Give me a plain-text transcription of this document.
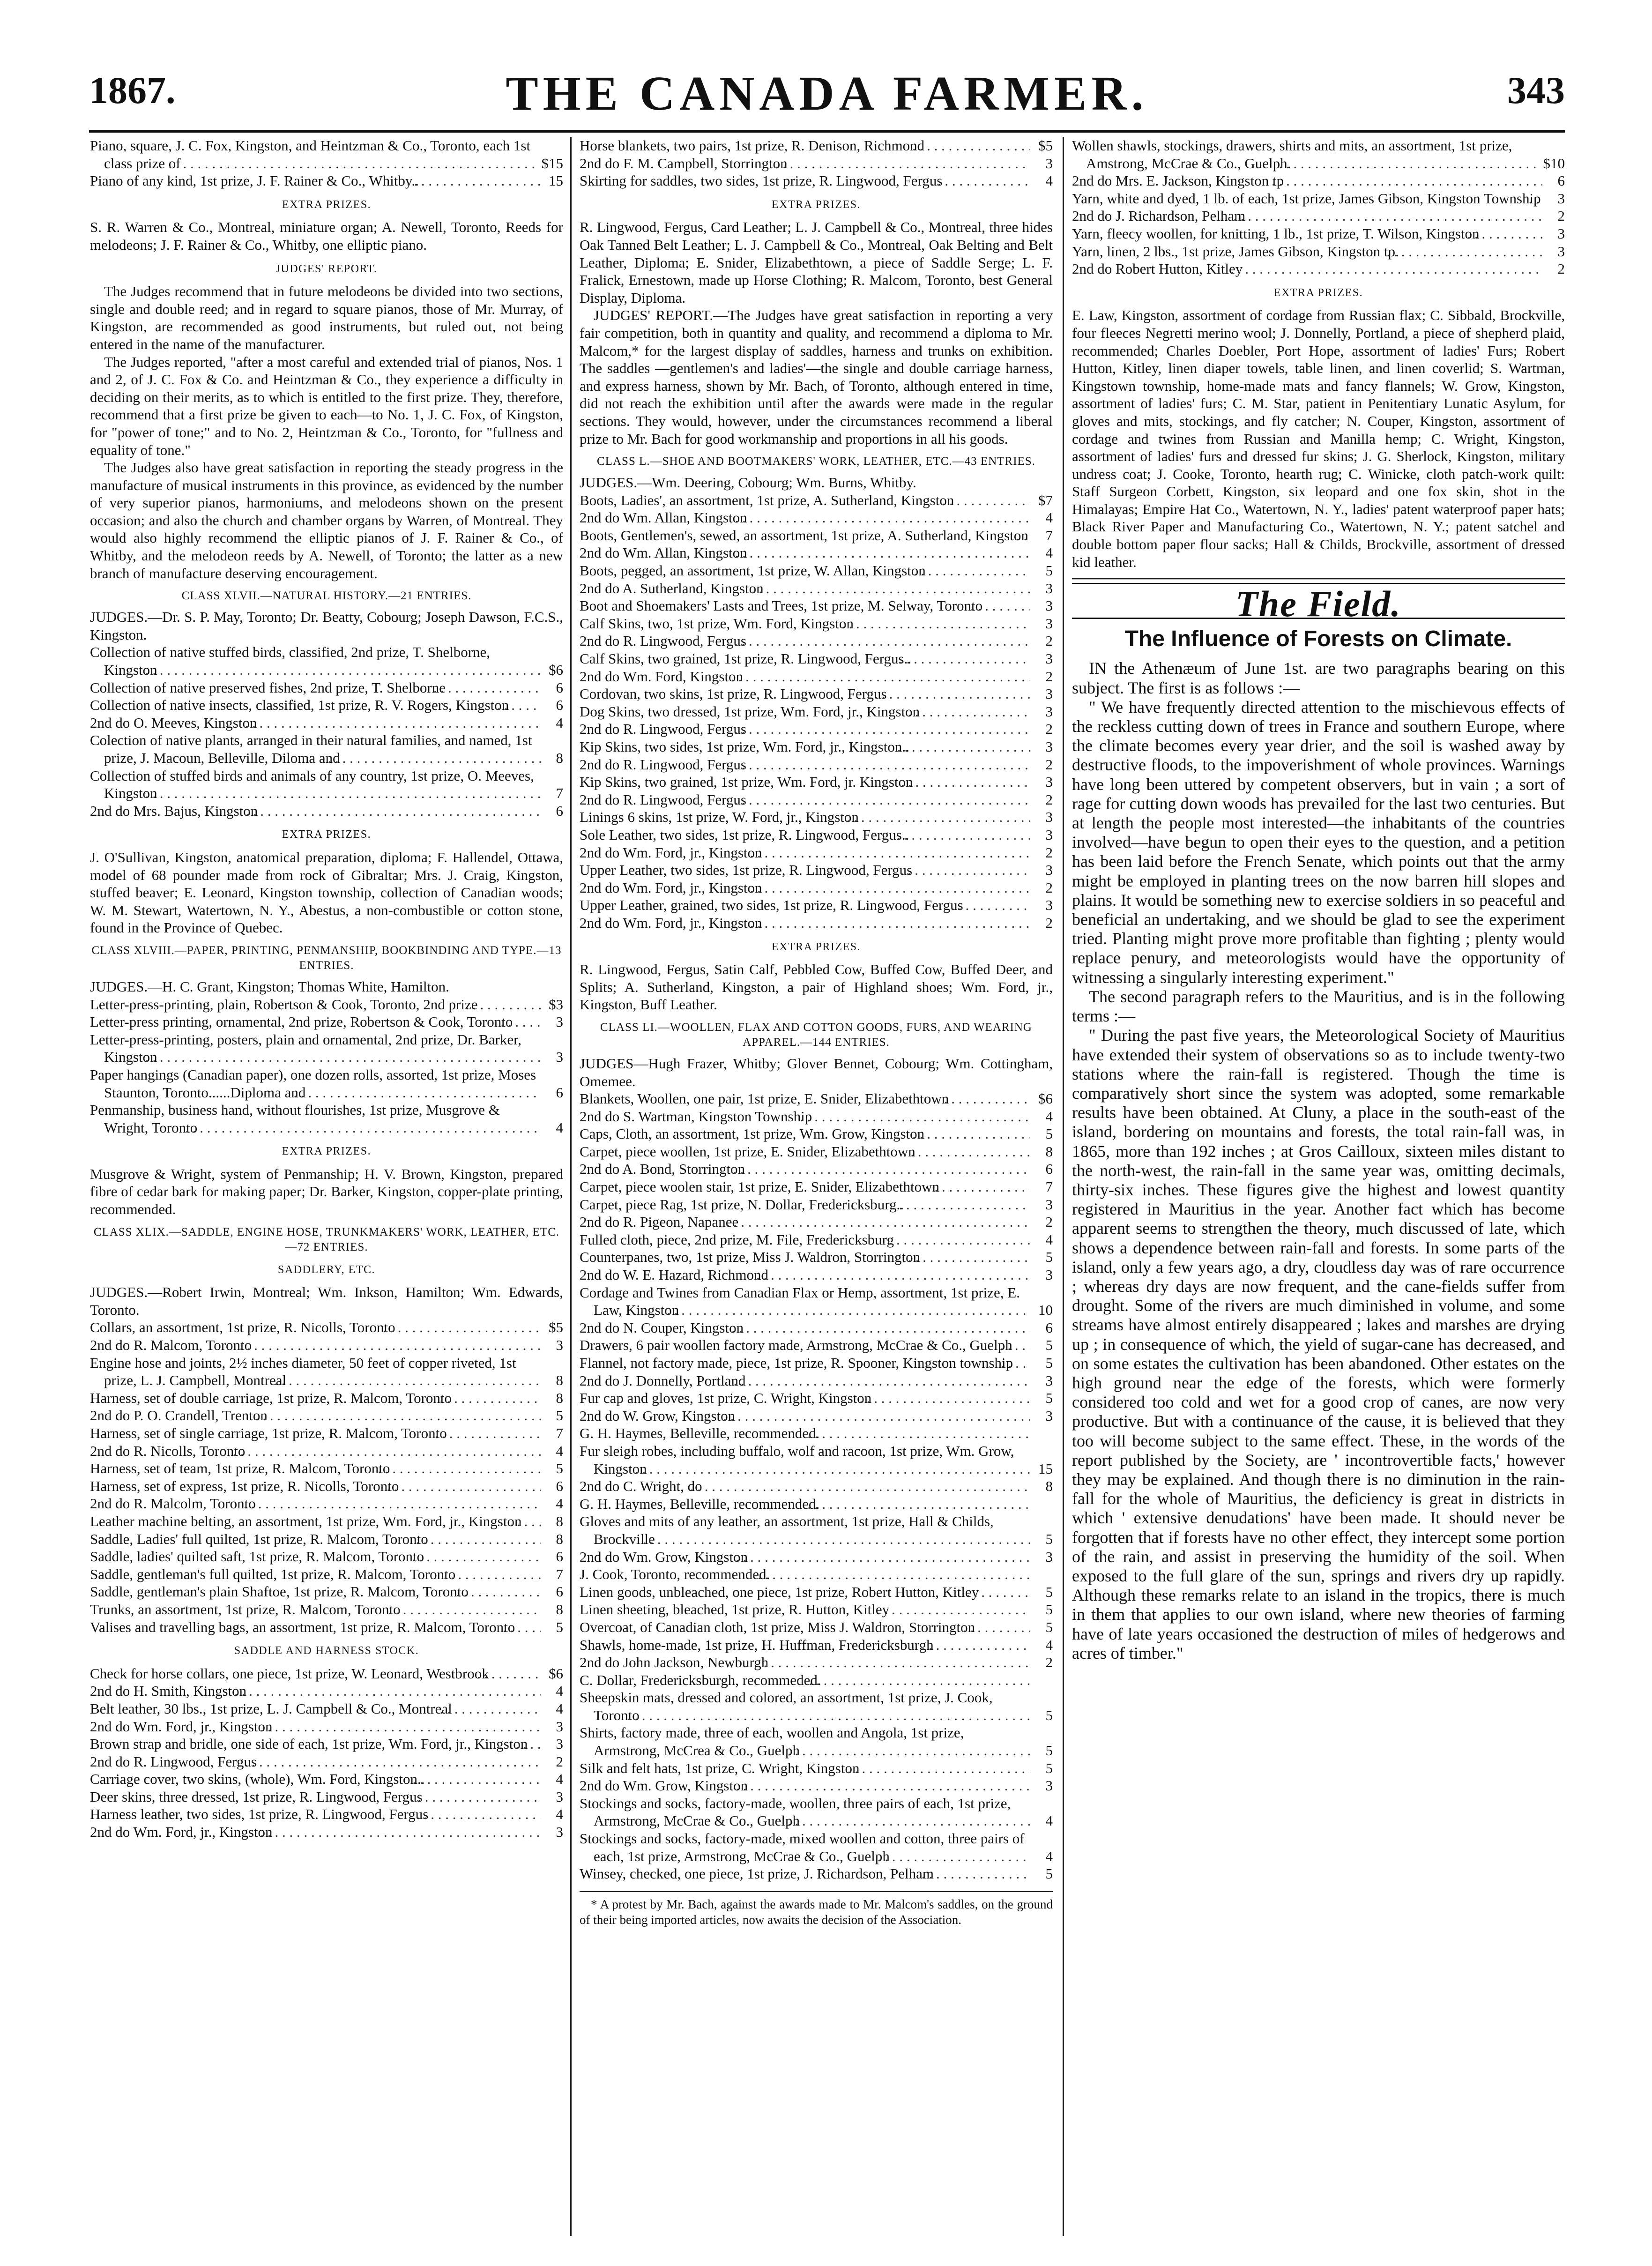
1867.	THE CANADA FARMER.	343
Piano, square, J. C. Fox, Kingston, and Heintzman & Co., Toronto, each 1st class prize of . . .	$15
Piano of any kind, 1st prize, J. F. Rainer & Co., Whitby.. . . .	15
EXTRA PRIZES.
S. R. Warren & Co., Montreal, miniature organ; A. Newell, Toronto, Reeds for melodeons; J. F. Rainer & Co., Whitby, one elliptic piano.
JUDGES' REPORT.
The Judges recommend that in future melodeons be divided into two sections, single and double reed; and in regard to square pianos, those of Mr. Murray, of Kingston, are recommended as good instruments, but ruled out, not being entered in the name of the manufacturer.
The Judges reported, "after a most careful and extended trial of pianos, Nos. 1 and 2, of J. C. Fox & Co. and Heintzman & Co., they experience a difficulty in deciding on their merits, as to which is entitled to the first prize. They, therefore, recommend that a first prize be given to each—to No. 1, J. C. Fox, of Kingston, for "power of tone;" and to No. 2, Heintzman & Co., Toronto, for "fullness and equality of tone."
The Judges also have great satisfaction in reporting the steady progress in the manufacture of musical instruments in this province, as evidenced by the number of very superior pianos, harmoniums, and melodeons shown on the present occasion; and also the church and chamber organs by Warren, of Montreal. They would also highly recommend the elliptic pianos of J. F. Rainer & Co., of Whitby, and the melodeon reeds by A. Newell, of Toronto; the latter as a new branch of manufacture deserving encouragement.
CLASS XLVII.—NATURAL HISTORY.—21 ENTRIES.
JUDGES.—Dr. S. P. May, Toronto; Dr. Beatty, Cobourg; Joseph Dawson, F.C.S., Kingston.
Collection of native stuffed birds, classified, 2nd prize, T. Shelborne, Kingston . . .	$6
Collection of native preserved fishes, 2nd prize, T. Shelborne . . .	6
Collection of native insects, classified, 1st prize, R. V. Rogers, Kingston . . .	6
2nd do O. Meeves, Kingston . . .	4
Colection of native plants, arranged in their natural families, and named, 1st prize, J. Macoun, Belleville, Diloma and . . .	8
Collection of stuffed birds and animals of any country, 1st prize, O. Meeves, Kingston . . .	7
2nd do Mrs. Bajus, Kingston . . .	6
EXTRA PRIZES.
J. O'Sullivan, Kingston, anatomical preparation, diploma; F. Hallendel, Ottawa, model of 68 pounder made from rock of Gibraltar; Mrs. J. Craig, Kingston, stuffed beaver; E. Leonard, Kingston township, collection of Canadian woods; W. M. Stewart, Watertown, N. Y., Abestus, a non-combustible or cotton stone, found in the Province of Quebec.
CLASS XLVIII.—PAPER, PRINTING, PENMANSHIP, BOOKBINDING AND TYPE.—13 ENTRIES.
JUDGES.—H. C. Grant, Kingston; Thomas White, Hamilton.
Letter-press-printing, plain, Robertson & Cook, Toronto, 2nd prize . . .	$3
Letter-press printing, ornamental, 2nd prize, Robertson & Cook, Toronto . . .	3
Letter-press-printing, posters, plain and ornamental, 2nd prize, Dr. Barker, Kingston . . .	3
Paper hangings (Canadian paper), one dozen rolls, assorted, 1st prize, Moses Staunton, Toronto......Diploma and . . .	6
Penmanship, business hand, without flourishes, 1st prize, Musgrove & Wright, Toronto . . .	4
EXTRA PRIZES.
Musgrove & Wright, system of Penmanship; H. V. Brown, Kingston, prepared fibre of cedar bark for making paper; Dr. Barker, Kingston, copper-plate printing, recommended.
CLASS XLIX.—SADDLE, ENGINE HOSE, TRUNKMAKERS' WORK, LEATHER, ETC.—72 ENTRIES.
SADDLERY, ETC.
JUDGES.—Robert Irwin, Montreal; Wm. Inkson, Hamilton; Wm. Edwards, Toronto.
Collars, an assortment, 1st prize, R. Nicolls, Toronto . . .	$5
2nd do R. Malcom, Toronto . . .	3
Engine hose and joints, 2½ inches diameter, 50 feet of copper riveted, 1st prize, L. J. Campbell, Montreal . . .	8
Harness, set of double carriage, 1st prize, R. Malcom, Toronto . . .	8
2nd do P. O. Crandell, Trenton . . .	5
Harness, set of single carriage, 1st prize, R. Malcom, Toronto . . .	7
2nd do R. Nicolls, Toronto . . .	4
Harness, set of team, 1st prize, R. Malcom, Toronto . . .	5
Harness, set of express, 1st prize, R. Nicolls, Toronto . . .	6
2nd do R. Malcolm, Toronto . . .	4
Leather machine belting, an assortment, 1st prize, Wm. Ford, jr., Kingston . . .	8
Saddle, Ladies' full quilted, 1st prize, R. Malcom, Toronto . . .	8
Saddle, ladies' quilted saft, 1st prize, R. Malcom, Toronto . . .	6
Saddle, gentleman's full quilted, 1st prize, R. Malcom, Toronto . . .	7
Saddle, gentleman's plain Shaftoe, 1st prize, R. Malcom, Toronto . . .	6
Trunks, an assortment, 1st prize, R. Malcom, Toronto . . .	8
Valises and travelling bags, an assortment, 1st prize, R. Malcom, Toronto . . .	5
SADDLE AND HARNESS STOCK.
Check for horse collars, one piece, 1st prize, W. Leonard, Westbrook . . .	$6
2nd do H. Smith, Kingston . . .	4
Belt leather, 30 lbs., 1st prize, L. J. Campbell & Co., Montreal . . .	4
2nd do Wm. Ford, jr., Kingston . . .	3
Brown strap and bridle, one side of each, 1st prize, Wm. Ford, jr., Kingston . . .	3
2nd do R. Lingwood, Fergus . . .	2
Carriage cover, two skins, (whole), Wm. Ford, Kingston.. . . .	4
Deer skins, three dressed, 1st prize, R. Lingwood, Fergus . . .	3
Harness leather, two sides, 1st prize, R. Lingwood, Fergus . . .	4
2nd do Wm. Ford, jr., Kingston . . .	3
Horse blankets, two pairs, 1st prize, R. Denison, Richmond . . .	$5
2nd do F. M. Campbell, Storrington . . .	3
Skirting for saddles, two sides, 1st prize, R. Lingwood, Fergus . . .	4
EXTRA PRIZES.
R. Lingwood, Fergus, Card Leather; L. J. Campbell & Co., Montreal, three hides Oak Tanned Belt Leather; L. J. Campbell & Co., Montreal, Oak Belting and Belt Leather, Diploma; E. Snider, Elizabethtown, a piece of Saddle Serge; L. F. Fralick, Ernestown, made up Horse Clothing; R. Malcom, Toronto, best General Display, Diploma.
JUDGES' REPORT.—The Judges have great satisfaction in reporting a very fair competition, both in quantity and quality, and recommend a diploma to Mr. Malcom,* for the largest display of saddles, harness and trunks on exhibition. The saddles —gentlemen's and ladies'—the single and double carriage harness, and express harness, shown by Mr. Bach, of Toronto, although entered in time, did not reach the exhibition until after the awards were made in the regular sections. They would, however, under the circumstances recommend a liberal prize to Mr. Bach for good workmanship and proportions in all his goods.
CLASS L.—SHOE AND BOOTMAKERS' WORK, LEATHER, ETC.—43 ENTRIES.
JUDGES.—Wm. Deering, Cobourg; Wm. Burns, Whitby.
Boots, Ladies', an assortment, 1st prize, A. Sutherland, Kingston . . .	$7
2nd do Wm. Allan, Kingston . . .	4
Boots, Gentlemen's, sewed, an assortment, 1st prize, A. Sutherland, Kingston . . .	7
2nd do Wm. Allan, Kingston . . .	4
Boots, pegged, an assortment, 1st prize, W. Allan, Kingston . . .	5
2nd do A. Sutherland, Kingston . . .	3
Boot and Shoemakers' Lasts and Trees, 1st prize, M. Selway, Toronto . . .	3
Calf Skins, two, 1st prize, Wm. Ford, Kingston . . .	3
2nd do R. Lingwood, Fergus . . .	2
Calf Skins, two grained, 1st prize, R. Lingwood, Fergus.. . . .	3
2nd do Wm. Ford, Kingston . . .	2
Cordovan, two skins, 1st prize, R. Lingwood, Fergus . . .	3
Dog Skins, two dressed, 1st prize, Wm. Ford, jr., Kingston . . .	3
2nd do R. Lingwood, Fergus . . .	2
Kip Skins, two sides, 1st prize, Wm. Ford, jr., Kingston.. . . .	3
2nd do R. Lingwood, Fergus . . .	2
Kip Skins, two grained, 1st prize, Wm. Ford, jr. Kingston . . .	3
2nd do R. Lingwood, Fergus . . .	2
Linings 6 skins, 1st prize, W. Ford, jr., Kingston . . .	3
Sole Leather, two sides, 1st prize, R. Lingwood, Fergus.. . . .	3
2nd do Wm. Ford, jr., Kingston . . .	2
Upper Leather, two sides, 1st prize, R. Lingwood, Fergus . . .	3
2nd do Wm. Ford, jr., Kingston . . .	2
Upper Leather, grained, two sides, 1st prize, R. Lingwood, Fergus . . .	3
2nd do Wm. Ford, jr., Kingston . . .	2
EXTRA PRIZES.
R. Lingwood, Fergus, Satin Calf, Pebbled Cow, Buffed Cow, Buffed Deer, and Splits; A. Sutherland, Kingston, a pair of Highland shoes; Wm. Ford, jr., Kingston, Buff Leather.
CLASS LI.—WOOLLEN, FLAX AND COTTON GOODS, FURS, AND WEARING APPAREL.—144 ENTRIES.
JUDGES—Hugh Frazer, Whitby; Glover Bennet, Cobourg; Wm. Cottingham, Omemee.
Blankets, Woollen, one pair, 1st prize, E. Snider, Elizabethtown . . .	$6
2nd do S. Wartman, Kingston Township . . .	4
Caps, Cloth, an assortment, 1st prize, Wm. Grow, Kingston . . .	5
Carpet, piece woollen, 1st prize, E. Snider, Elizabethtown . . .	8
2nd do A. Bond, Storrington . . .	6
Carpet, piece woolen stair, 1st prize, E. Snider, Elizabethtown . . .	7
Carpet, piece Rag, 1st prize, N. Dollar, Fredericksburg.. . . .	3
2nd do R. Pigeon, Napanee . . .	2
Fulled cloth, piece, 2nd prize, M. File, Fredericksburg . . .	4
Counterpanes, two, 1st prize, Miss J. Waldron, Storrington . . .	5
2nd do W. E. Hazard, Richmond . . .	3
Cordage and Twines from Canadian Flax or Hemp, assortment, 1st prize, E. Law, Kingston . . .	10
2nd do N. Couper, Kingston . . .	6
Drawers, 6 pair woollen factory made, Armstrong, McCrae & Co., Guelph . . .	5
Flannel, not factory made, piece, 1st prize, R. Spooner, Kingston township . . .	5
2nd do J. Donnelly, Portland . . .	3
Fur cap and gloves, 1st prize, C. Wright, Kingston . . .	5
2nd do W. Grow, Kingston . . .	3
G. H. Haymes, Belleville, recommended. . . .
Fur sleigh robes, including buffalo, wolf and racoon, 1st prize, Wm. Grow, Kingston . . .	15
2nd do C. Wright, do . . .	8
G. H. Haymes, Belleville, recommended. . . .
Gloves and mits of any leather, an assortment, 1st prize, Hall & Childs, Brockville . . .	5
2nd do Wm. Grow, Kingston . . .	3
J. Cook, Toronto, recommended. . . .
Linen goods, unbleached, one piece, 1st prize, Robert Hutton, Kitley . . .	5
Linen sheeting, bleached, 1st prize, R. Hutton, Kitley . . .	5
Overcoat, of Canadian cloth, 1st prize, Miss J. Waldron, Storrington . . .	5
Shawls, home-made, 1st prize, H. Huffman, Fredericksburgh . . .	4
2nd do John Jackson, Newburgh . . .	2
C. Dollar, Fredericksburgh, recommeded. . . .
Sheepskin mats, dressed and colored, an assortment, 1st prize, J. Cook, Toronto . . .	5
Shirts, factory made, three of each, woollen and Angola, 1st prize, Armstrong, McCrea & Co., Guelph . . .	5
Silk and felt hats, 1st prize, C. Wright, Kingston . . .	5
2nd do Wm. Grow, Kingston . . .	3
Stockings and socks, factory-made, woollen, three pairs of each, 1st prize, Armstrong, McCrae & Co., Guelph . . .	4
Stockings and socks, factory-made, mixed woollen and cotton, three pairs of each, 1st prize, Armstrong, McCrae & Co., Guelph . . .	4
Winsey, checked, one piece, 1st prize, J. Richardson, Pelham . . .	5
* A protest by Mr. Bach, against the awards made to Mr. Malcom's saddles, on the ground of their being imported articles, now awaits the decision of the Association.
Wollen shawls, stockings, drawers, shirts and mits, an assortment, 1st prize, Amstrong, McCrae & Co., Guelph. . . .	$10
2nd do Mrs. E. Jackson, Kingston tp . . .	6
Yarn, white and dyed, 1 lb. of each, 1st prize, James Gibson, Kingston Township . . .	3
2nd do J. Richardson, Pelham . . .	2
Yarn, fleecy woollen, for knitting, 1 lb., 1st prize, T. Wilson, Kingston . . .	3
Yarn, linen, 2 lbs., 1st prize, James Gibson, Kingston tp. . . .	3
2nd do Robert Hutton, Kitley . . .	2
EXTRA PRIZES.
E. Law, Kingston, assortment of cordage from Russian flax; C. Sibbald, Brockville, four fleeces Negretti merino wool; J. Donnelly, Portland, a piece of shepherd plaid, recommended; Charles Doebler, Port Hope, assortment of ladies' Furs; Robert Hutton, Kitley, linen diaper towels, table linen, and linen coverlid; S. Wartman, Kingstown township, home-made mats and fancy flannels; W. Grow, Kingston, assortment of ladies' furs; C. M. Star, patient in Penitentiary Lunatic Asylum, for gloves and mits, stockings, and fly catcher; N. Couper, Kingston, assortment of cordage and twines from Russian and Manilla hemp; C. Wright, Kingston, assortment of ladies' furs and dressed fur skins; J. G. Sherlock, Kingston, military undress coat; J. Cooke, Toronto, hearth rug; C. Winicke, cloth patch-work quilt: Staff Surgeon Corbett, Kingston, six leopard and one fox skin, shot in the Himalayas; Empire Hat Co., Watertown, N. Y., ladies' patent waterproof paper hats; Black River Paper and Manufacturing Co., Watertown, N. Y.; patent satchel and double bottom paper flour sacks; Hall & Childs, Brockville, assortment of dressed kid leather.
The Field.
The Influence of Forests on Climate.
IN the Athenæum of June 1st. are two paragraphs bearing on this subject. The first is as follows :—
" We have frequently directed attention to the mischievous effects of the reckless cutting down of trees in France and southern Europe, where the climate becomes every year drier, and the soil is washed away by destructive floods, to the impoverishment of whole provinces. Warnings have long been uttered by competent observers, but in vain ; a sort of rage for cutting down woods has prevailed for the last two centuries. But at length the people most interested—the inhabitants of the countries involved—have begun to open their eyes to the question, and a petition has been laid before the French Senate, which points out that the army might be employed in planting trees on the now barren hill slopes and plains. It would be something new to exercise soldiers in so peaceful and beneficial an undertaking, and we should be glad to see the experiment tried. Planting might prove more profitable than fighting ; plenty would replace penury, and meteorologists would have the opportunity of witnessing a singularly interesting experiment."
The second paragraph refers to the Mauritius, and is in the following terms :—
" During the past five years, the Meteorological Society of Mauritius have extended their system of observations so as to include twenty-two stations where the rain-fall is registered. Though the time is comparatively short since the system was adopted, some remarkable results have been obtained. At Cluny, a place in the south-east of the island, bordering on mountains and forests, the total rain-fall was, in 1865, more than 192 inches ; at Gros Cailloux, sixteen miles distant to the north-west, the rain-fall in the same year was, omitting decimals, thirty-six inches. These figures give the highest and lowest quantity registered in Mauritius in the year. Another fact which has become apparent seems to strengthen the theory, much discussed of late, which shows a dependence between rain-fall and forests. In some parts of the island, only a few years ago, a dry, cloudless day was of rare occurrence ; whereas dry days are now frequent, and the cane-fields suffer from drought. Some of the rivers are much diminished in volume, and some streams have almost entirely disappeared ; lakes and marshes are drying up ; in consequence of which, the yield of sugar-cane has decreased, and on some estates the cultivation has been abandoned. Other estates on the high ground near the edge of the forests, which were formerly considered too cold and wet for a good crop of canes, are now very productive. But with a continuance of the cause, it is believed that they too will become subject to the same effect. These, in the words of the report published by the Society, are ' incontrovertible facts,' however they may be explained. And though there is no diminution in the rain-fall for the whole of Mauritius, the deficiency is great in districts in which ' extensive denudations' have been made. It should never be forgotten that if forests have no other effect, they intercept some portion of the rain, and assist in preserving the humidity of the soil. When exposed to the full glare of the sun, springs and rivers dry up rapidly. Although these remarks relate to an island in the tropics, there is much in them that applies to our own island, where new theories of farming have of late years occasioned the destruction of miles of hedgerows and acres of timber."
